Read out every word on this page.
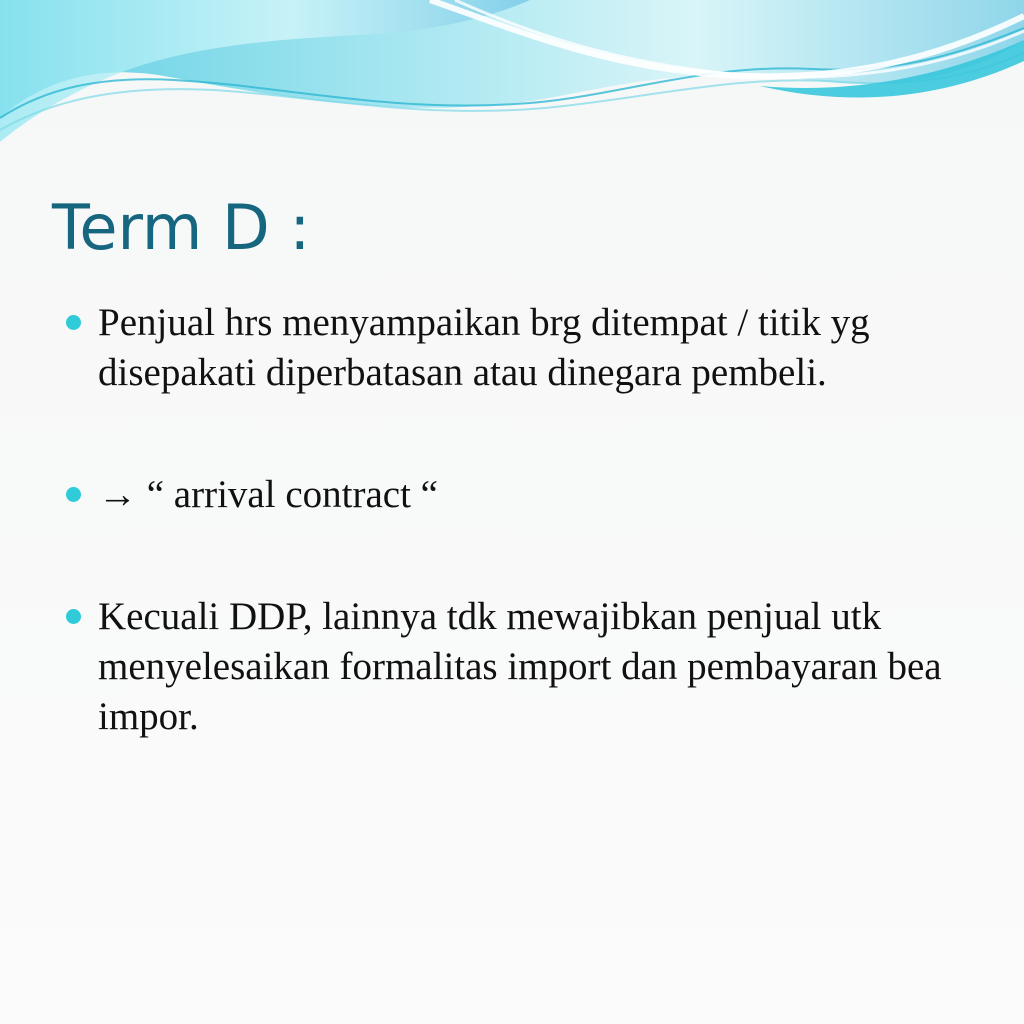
Term D :
Penjual hrs menyampaikan brg ditempat / titik yg disepakati diperbatasan atau dinegara pembeli.
→ “ arrival contract “
Kecuali DDP, lainnya tdk mewajibkan penjual utk menyelesaikan formalitas import dan pembayaran bea impor.
